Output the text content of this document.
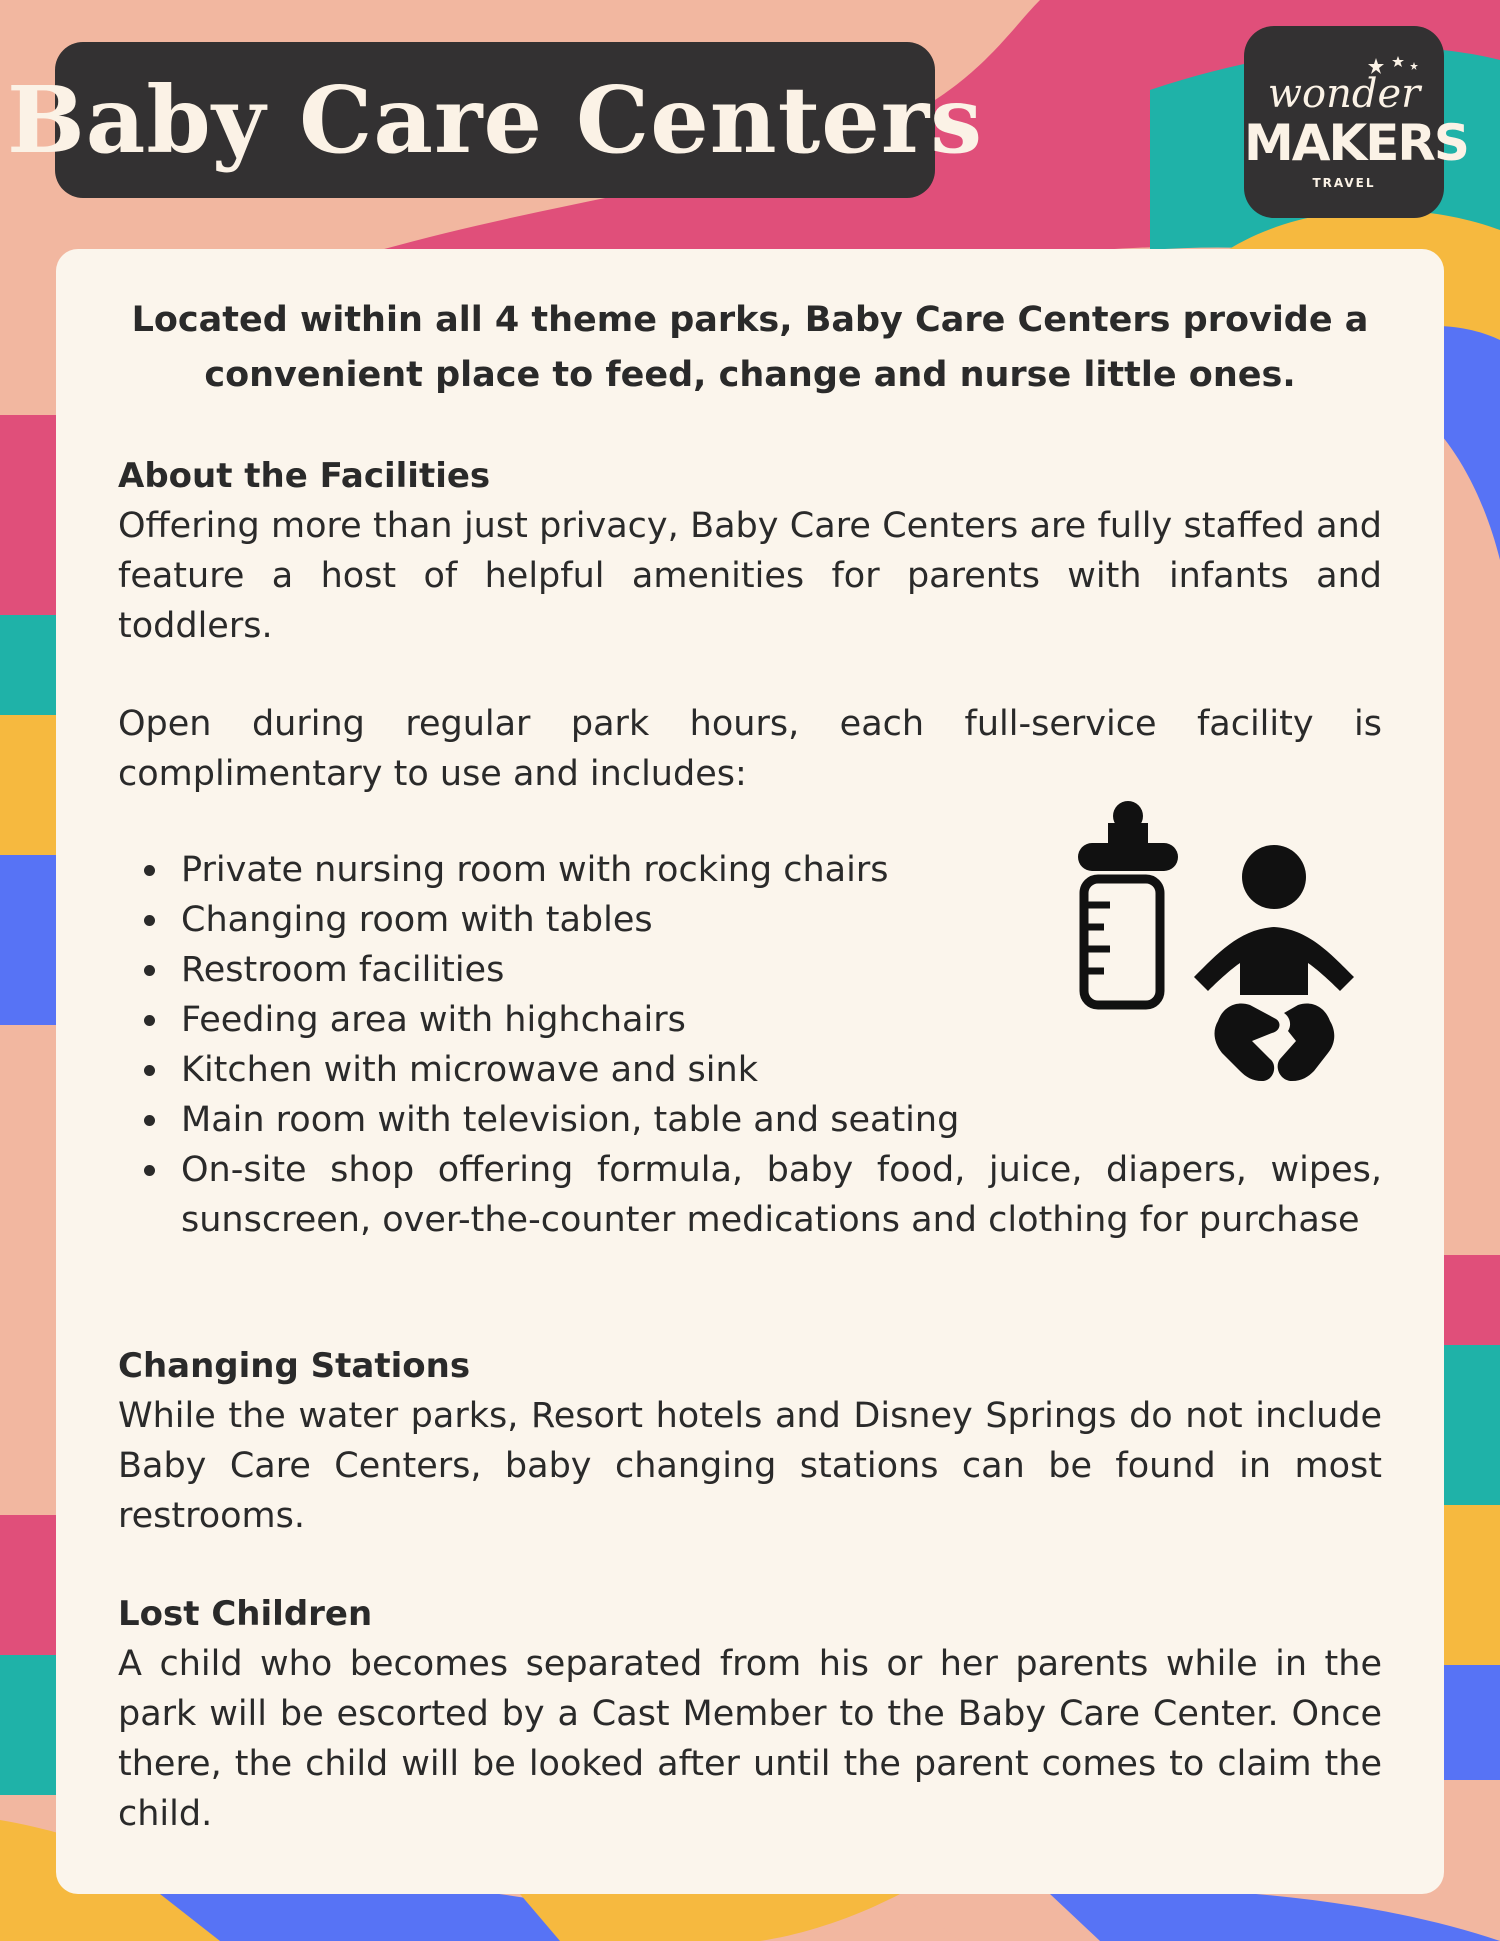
Baby Care Centers	wonder
MAKERS
TRAVEL

Located within all 4 theme parks, Baby Care Centers provide a convenient place to feed, change and nurse little ones.

About the Facilities

Offering more than just privacy, Baby Care Centers are fully staffed and feature a host of helpful amenities for parents with infants and toddlers.

Open during regular park hours, each full-service facility is complimentary to use and includes:

Private nursing room with rocking chairs
Changing room with tables
Restroom facilities
Feeding area with highchairs
Kitchen with microwave and sink
Main room with television, table and seating
On-site shop offering formula, baby food, juice, diapers, wipes, sunscreen, over-the-counter medications and clothing for purchase
Changing Stations

While the water parks, Resort hotels and Disney Springs do not include Baby Care Centers, baby changing stations can be found in most restrooms.

Lost Children

A child who becomes separated from his or her parents while in the park will be escorted by a Cast Member to the Baby Care Center. Once there, the child will be looked after until the parent comes to claim the child.
